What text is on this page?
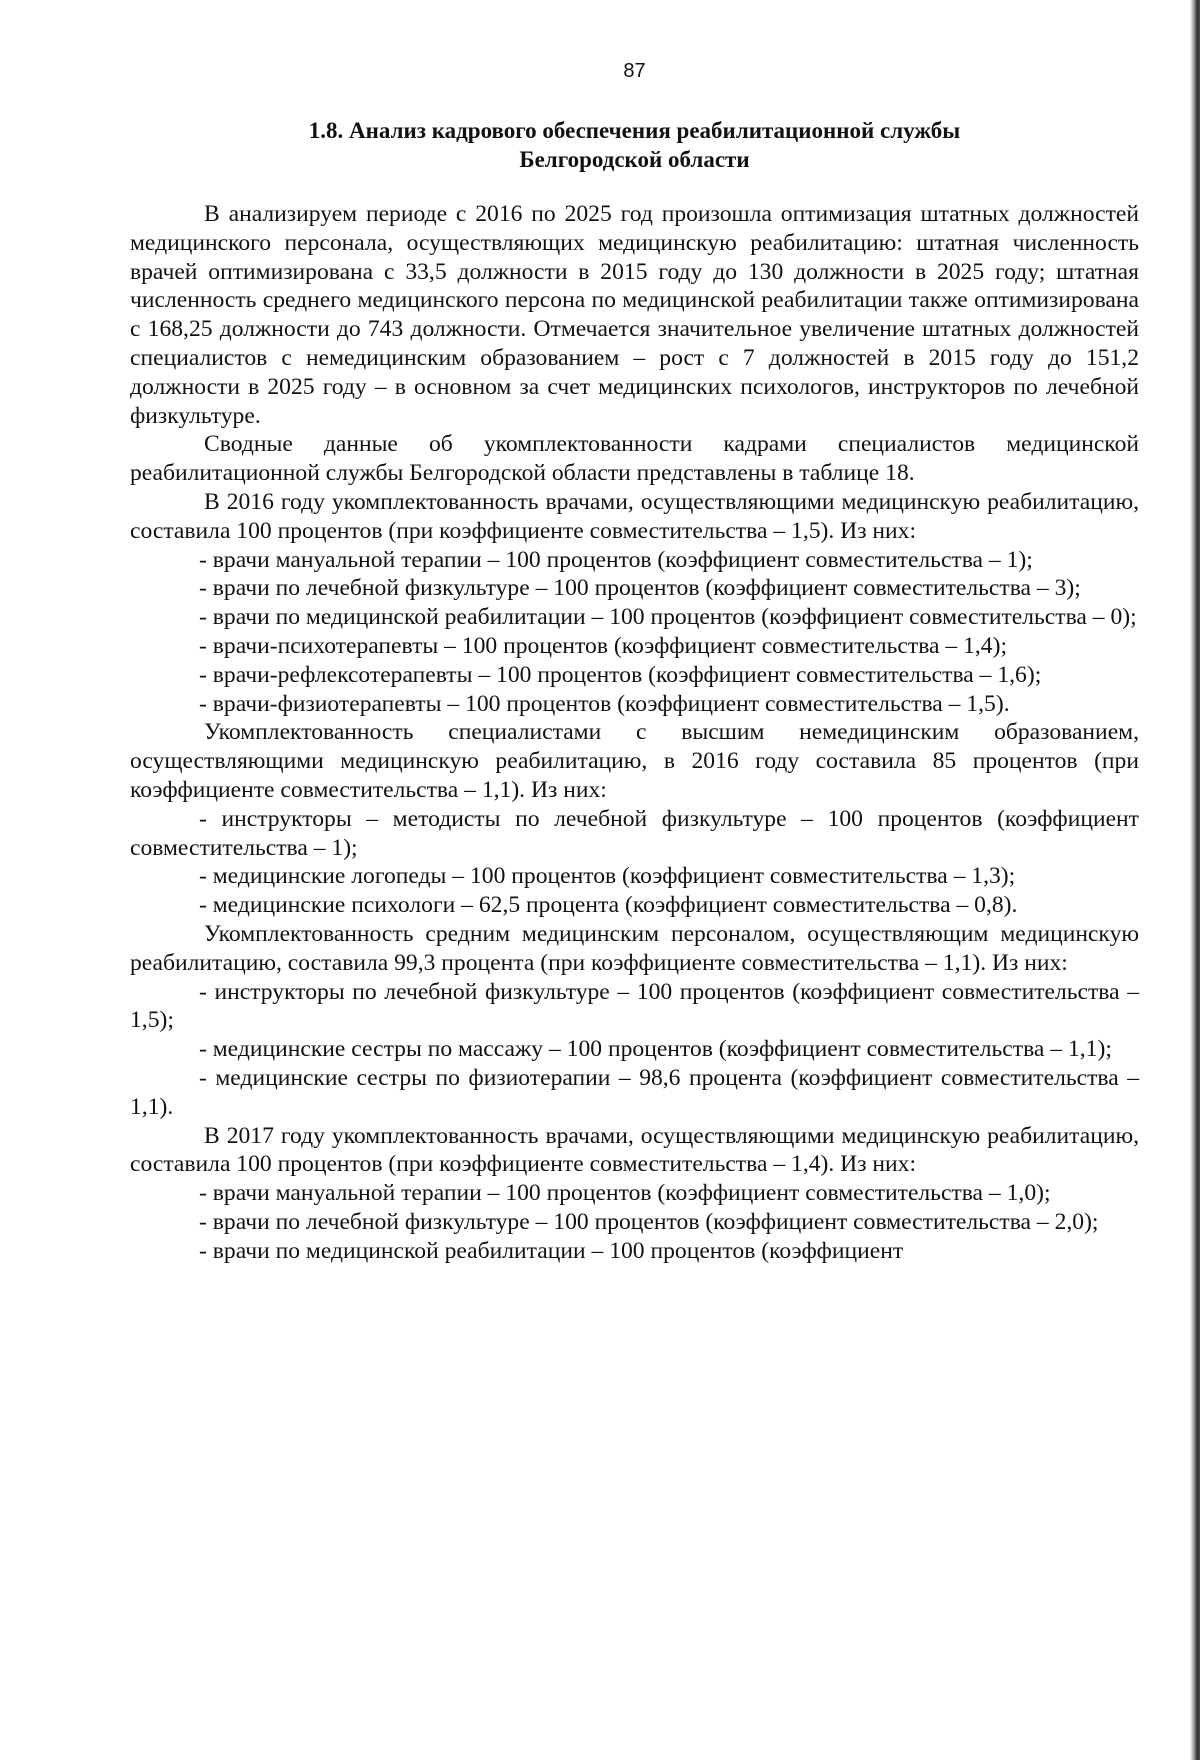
87
1.8. Анализ кадрового обеспечения реабилитационной службы
Белгородской области

В анализируем периоде с 2016 по 2025 год произошла оптимизация штатных должностей медицинского персонала, осуществляющих медицинскую реабилитацию: штатная численность врачей оптимизирована с 33,5 должности в 2015 году до 130 должности в 2025 году; штатная численность среднего медицинского персона по медицинской реабилитации также оптимизирована с 168,25 должности до 743 должности. Отмечается значительное увеличение штатных должностей специалистов с немедицинским образованием – рост с 7 должностей в 2015 году до 151,2 должности в 2025 году – в основном за счет медицинских психологов, инструкторов по лечебной физкультуре.

Сводные данные об укомплектованности кадрами специалистов медицинской реабилитационной службы Белгородской области представлены в таблице 18.

В 2016 году укомплектованность врачами, осуществляющими медицинскую реабилитацию, составила 100 процентов (при коэффициенте совместительства – 1,5). Из них:

- врачи мануальной терапии – 100 процентов (коэффициент совместительства – 1);

- врачи по лечебной физкультуре – 100 процентов (коэффициент совместительства – 3);

- врачи по медицинской реабилитации – 100 процентов (коэффициент совместительства – 0);

- врачи-психотерапевты – 100 процентов (коэффициент совместительства – 1,4);

- врачи-рефлексотерапевты – 100 процентов (коэффициент совместительства – 1,6);

- врачи-физиотерапевты – 100 процентов (коэффициент совместительства – 1,5).

Укомплектованность специалистами с высшим немедицинским образованием, осуществляющими медицинскую реабилитацию, в 2016 году составила 85 процентов (при коэффициенте совместительства – 1,1). Из них:

- инструкторы – методисты по лечебной физкультуре – 100 процентов (коэффициент совместительства – 1);

- медицинские логопеды – 100 процентов (коэффициент совместительства – 1,3);

- медицинские психологи – 62,5 процента (коэффициент совместительства – 0,8).

Укомплектованность средним медицинским персоналом, осуществляющим медицинскую реабилитацию, составила 99,3 процента (при коэффициенте совместительства – 1,1). Из них:

- инструкторы по лечебной физкультуре – 100 процентов (коэффициент совместительства – 1,5);

- медицинские сестры по массажу – 100 процентов (коэффициент совместительства – 1,1);

- медицинские сестры по физиотерапии – 98,6 процента (коэффициент совместительства – 1,1).

В 2017 году укомплектованность врачами, осуществляющими медицинскую реабилитацию, составила 100 процентов (при коэффициенте совместительства – 1,4). Из них:

- врачи мануальной терапии – 100 процентов (коэффициент совместительства – 1,0);

- врачи по лечебной физкультуре – 100 процентов (коэффициент совместительства – 2,0);

- врачи по медицинской реабилитации – 100 процентов (коэффициент
